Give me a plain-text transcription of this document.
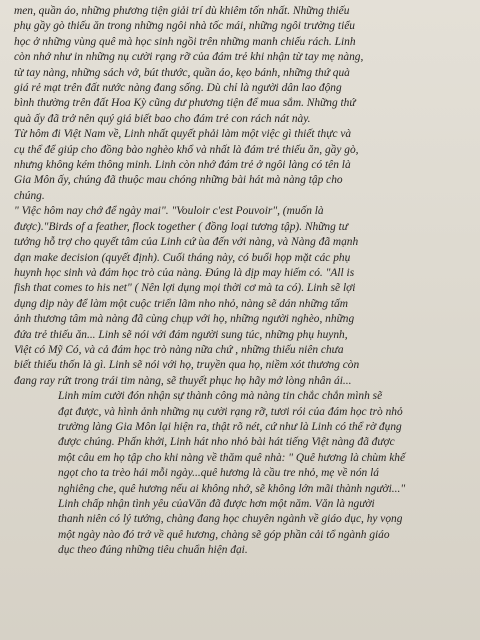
men, quần áo, những phương tiện giải trí dù khiêm tốn nhất. Những thiếu
phụ gầy gò thiếu ăn trong những ngôi nhà tốc mái, những ngôi trường tiểu
học ở những vùng quê mà học sinh ngồi trên những manh chiếu rách. Linh
còn nhớ như in những nụ cười rạng rỡ của đám trẻ khi nhận từ tay mẹ nàng,
từ tay nàng, những sách vở, bút thước, quần áo, kẹo bánh, những thứ quà
giá rẻ mạt trên đất nước nàng đang sống. Dù chỉ là người dân lao động
bình thường trên đất Hoa Kỳ cũng dư phương tiện để mua sắm. Những thứ
quà ấy đã trở nên quý giá biết bao cho đám trẻ con rách nát này.

Từ hôm đi Việt Nam về, Linh nhất quyết phải làm một việc gì thiết thực và
cụ thể để giúp cho đồng bào nghèo khổ và nhất là đám trẻ thiếu ăn, gầy gò,
nhưng không kém thông minh. Linh còn nhớ đám trẻ ở ngôi làng có tên là
Gia Môn ấy, chúng đã thuộc mau chóng những bài hát mà nàng tập cho
chúng.

" Việc hôm nay chớ để ngày mai". "Vouloir c'est Pouvoir", (muốn là
được)."Birds of a feather, flock together ( đồng loại tương tập). Những tư
tưởng hỗ trợ cho quyết tâm của Linh cứ ùa đến với nàng, và Nàng đã mạnh
dạn make decision (quyết định). Cuối tháng này, có buổi họp mặt các phụ
huynh học sinh và đám học trò của nàng. Đúng là dịp may hiếm có. "All is
fish that comes to his net" ( Nên lợi dụng mọi thời cơ mà ta có). Linh sẽ lợi
dụng dịp này để làm một cuộc triển lãm nho nhỏ, nàng sẽ dán những tấm
ảnh thương tâm mà nàng đã cùng chụp với họ, những người nghèo, những
đứa trẻ thiếu ăn... Linh sẽ nói với đám người sung túc, những phụ huynh,
Việt có Mỹ Có, và cả đám học trò nàng nữa chứ , những thiếu niên chưa
biết thiếu thốn là gì. Linh sẽ nói với họ, truyền qua họ, niềm xót thương còn
đang ray rứt trong trái tim nàng, sẽ thuyết phục họ hãy mở lòng nhân ái...

Linh mỉm cười đón nhận sự thành công mà nàng tin chắc chắn mình sẽ
đạt được, và hình ảnh những nụ cười rạng rỡ, tươi rói của đám học trò nhỏ
trường làng Gia Môn lại hiện ra, thật rõ nét, cứ như là Linh có thể rờ đụng
được chúng. Phấn khởi, Linh hát nho nhỏ bài hát tiếng Việt nàng đã được
một câu em họ tập cho khi nàng về thăm quê nhà: " Quê hương là chùm khế
ngọt cho ta trèo hái mỗi ngày...quê hương là cầu tre nhỏ, mẹ về nón lá
nghiêng che, quê hương nếu ai không nhớ, sẽ không lớn mãi thành người..."

Linh chấp nhận tình yêu củaVăn đã được hơn một năm. Văn là người
thanh niên có lý tưởng, chàng đang học chuyên ngành về giáo dục, hy vọng
một ngày nào đó trở về quê hương, chàng sẽ góp phần cải tổ ngành giáo
dục theo đúng những tiêu chuẩn hiện đại.
